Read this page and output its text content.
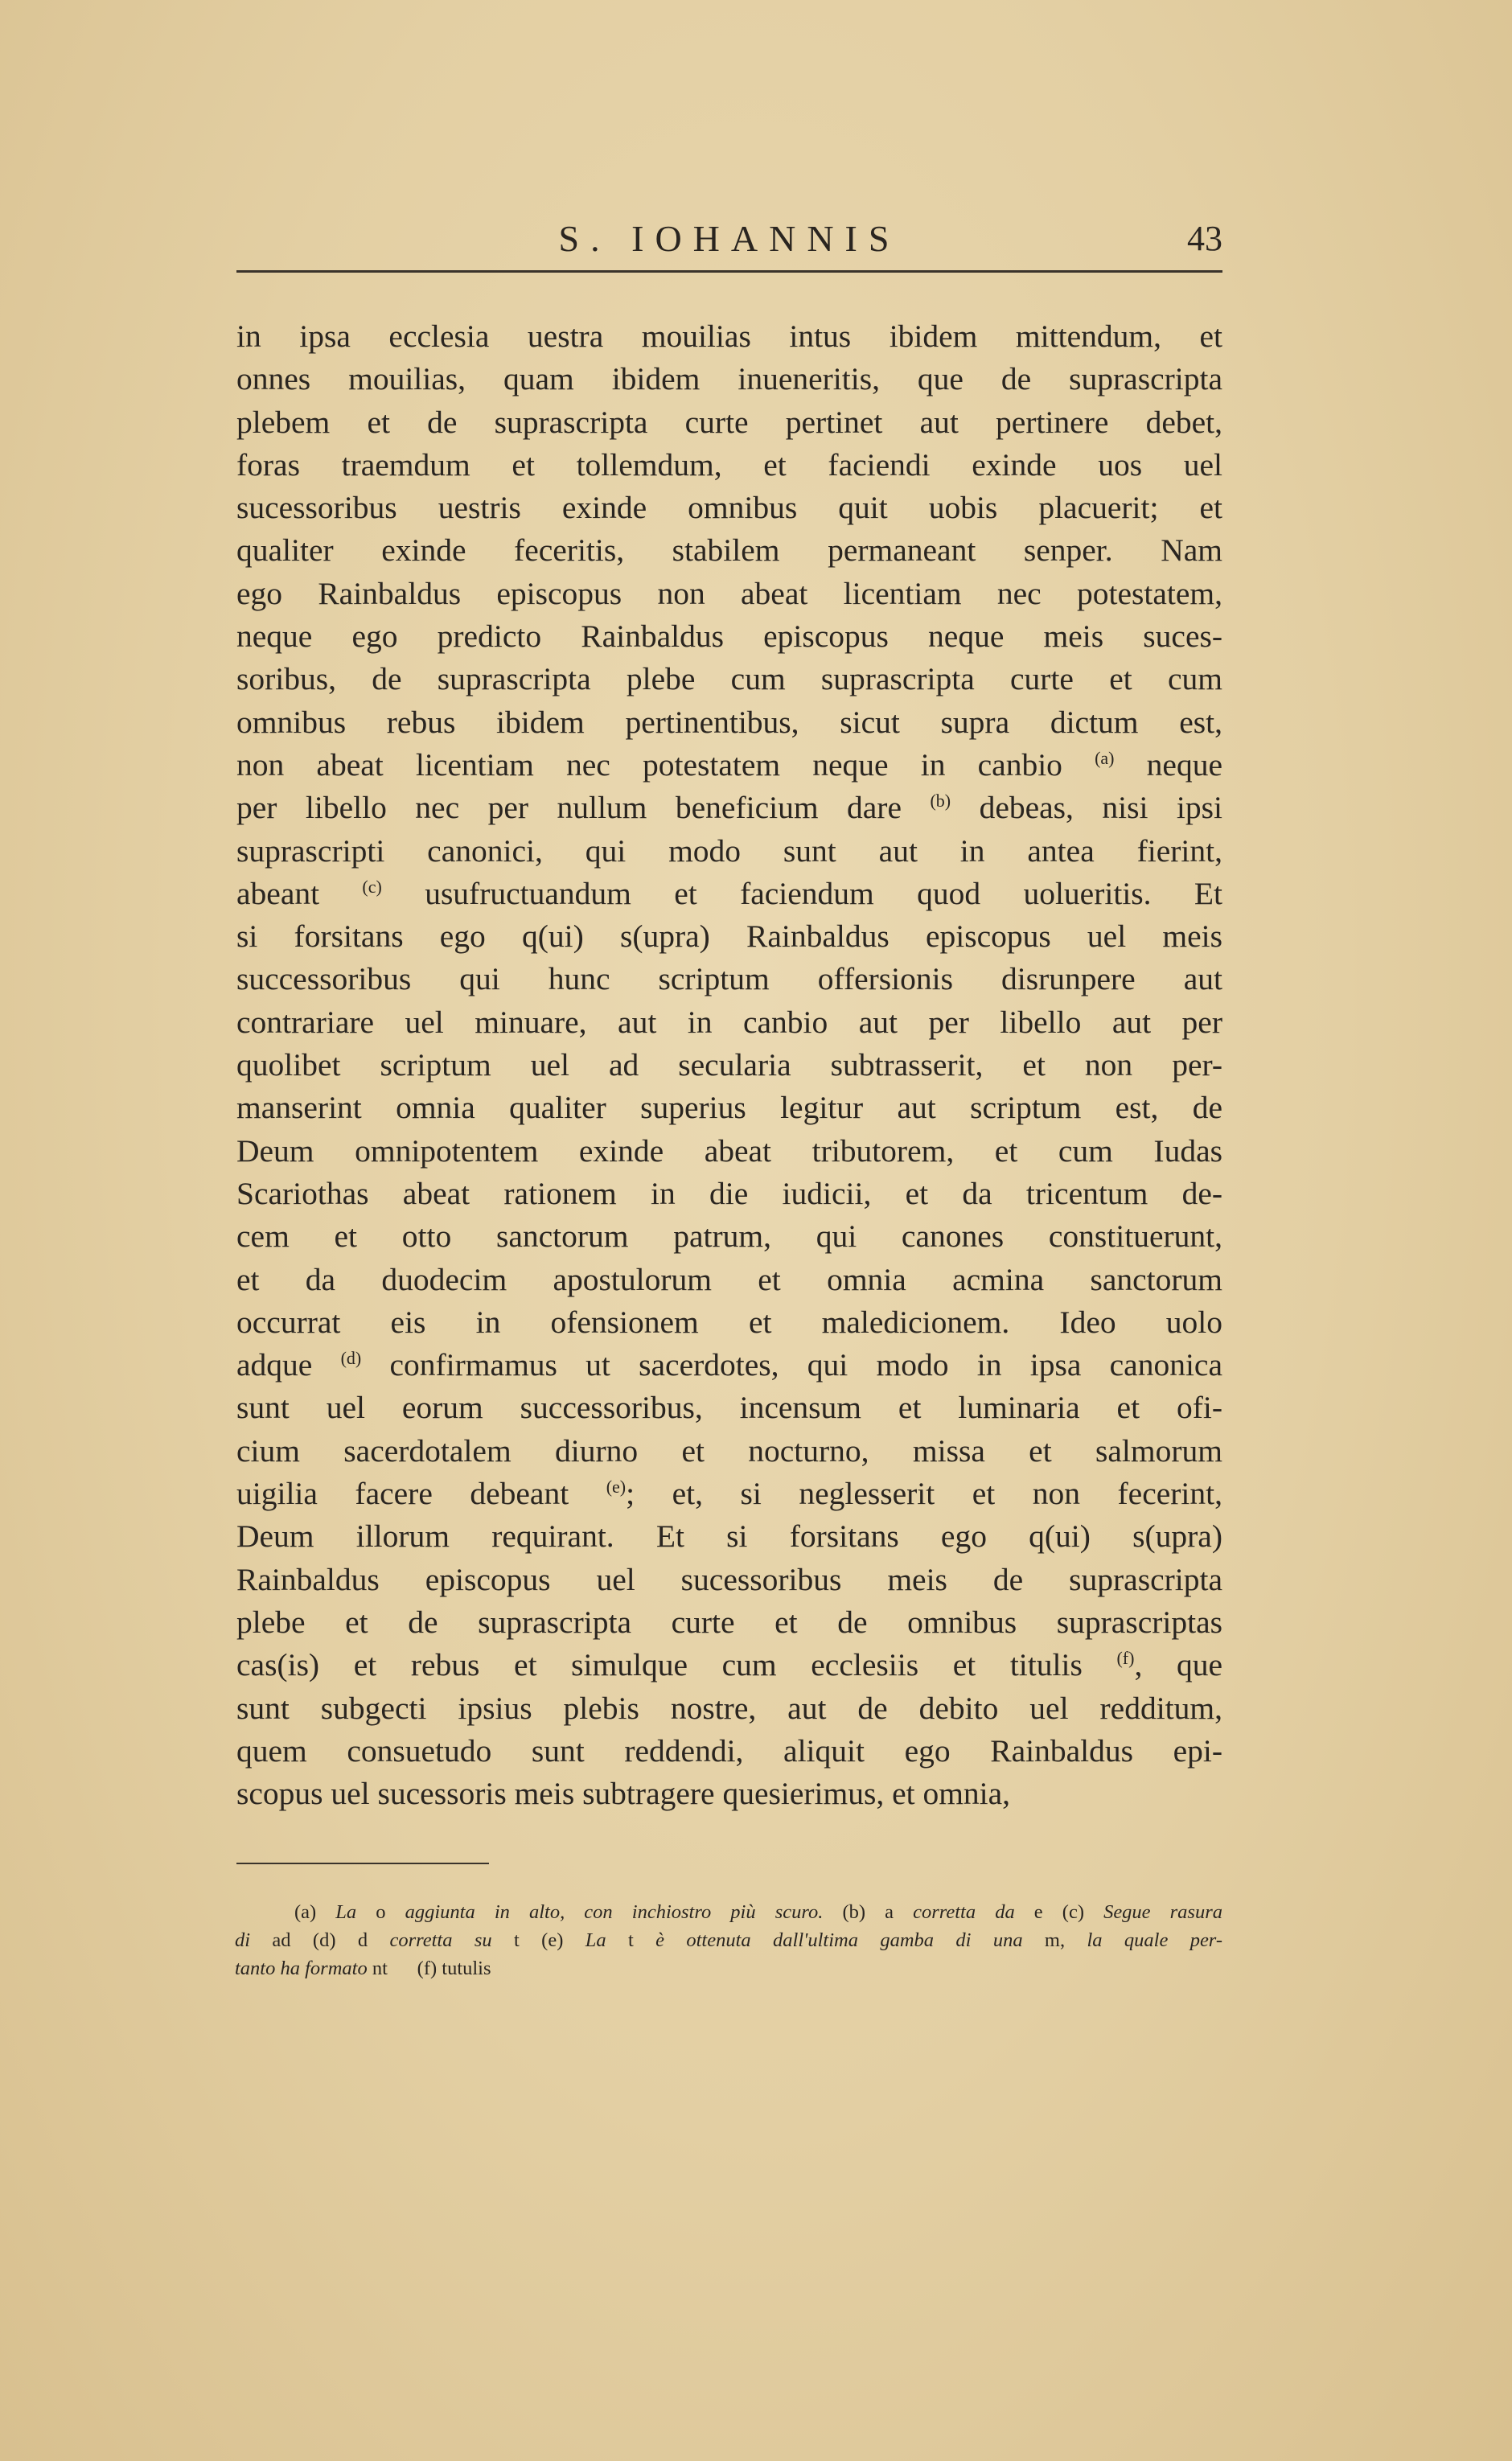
S. IOHANNIS	43
in ipsa ecclesia uestra mouilias intus ibidem mittendum, et
onnes mouilias, quam ibidem inueneritis, que de suprascripta
plebem et de suprascripta curte pertinet aut pertinere debet,
foras traemdum et tollemdum, et faciendi exinde uos uel
sucessoribus uestris exinde omnibus quit uobis placuerit; et
qualiter exinde feceritis, stabilem permaneant senper. Nam
ego Rainbaldus episcopus non abeat licentiam nec potestatem,
neque ego predicto Rainbaldus episcopus neque meis suces-
soribus, de suprascripta plebe cum suprascripta curte et cum
omnibus rebus ibidem pertinentibus, sicut supra dictum est,
non abeat licentiam nec potestatem neque in canbio $^{(a)}$ neque
per libello nec per nullum beneficium dare $^{(b)}$ debeas, nisi ipsi
suprascripti canonici, qui modo sunt aut in antea fierint,
abeant $^{(c)}$ usufructuandum et faciendum quod uolueritis. Et
si forsitans ego q(ui) s(upra) Rainbaldus episcopus uel meis
successoribus qui hunc scriptum offersionis disrunpere aut
contrariare uel minuare, aut in canbio aut per libello aut per
quolibet scriptum uel ad secularia subtrasserit, et non per-
manserint omnia qualiter superius legitur aut scriptum est, de
Deum omnipotentem exinde abeat tributorem, et cum Iudas
Scariothas abeat rationem in die iudicii, et da tricentum de-
cem et otto sanctorum patrum, qui canones constituerunt,
et da duodecim apostulorum et omnia acmina sanctorum
occurrat eis in ofensionem et maledicionem. Ideo uolo
adque $^{(d)}$ confirmamus ut sacerdotes, qui modo in ipsa canonica
sunt uel eorum successoribus, incensum et luminaria et ofi-
cium sacerdotalem diurno et nocturno, missa et salmorum
uigilia facere debeant $^{(e)}$; et, si neglesserit et non fecerint,
Deum illorum requirant. Et si forsitans ego q(ui) s(upra)
Rainbaldus episcopus uel sucessoribus meis de suprascripta
plebe et de suprascripta curte et de omnibus suprascriptas
cas(is) et rebus et simulque cum ecclesiis et titulis $^{(f)}$, que
sunt subgecti ipsius plebis nostre, aut de debito uel redditum,
quem consuetudo sunt reddendi, aliquit ego Rainbaldus epi-
scopus uel sucessoris meis subtragere quesierimus, et omnia,
(a) La o aggiunta in alto, con inchiostro più scuro. (b) a corretta da e (c) Segue rasura
di ad (d) d corretta su t (e) La t è ottenuta dall'ultima gamba di una m, la quale per-
tanto ha formato nt (f) tutulis
